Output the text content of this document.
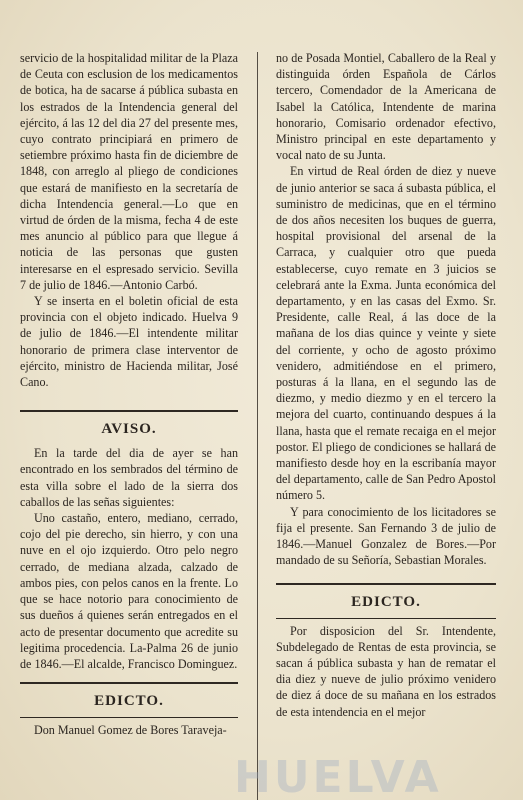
servicio de la hospitalidad militar de la Plaza de Ceuta con esclusion de los medicamentos de botica, ha de sacarse á pública subasta en los estrados de la Intendencia general del ejército, á las 12 del dia 27 del presente mes, cuyo contrato principiará en primero de setiembre próximo hasta fin de diciembre de 1848, con arreglo al pliego de condiciones que estará de manifiesto en la secretaría de dicha Intendencia general.—Lo que en virtud de órden de la misma, fecha 4 de este mes anuncio al público para que llegue á noticia de las personas que gusten interesarse en el espresado servicio. Sevilla 7 de julio de 1846.—Antonio Carbó.

Y se inserta en el boletin oficial de esta provincia con el objeto indicado. Huelva 9 de julio de 1846.—El intendente militar honorario de primera clase interventor de ejército, ministro de Hacienda militar, José Cano.

AVISO.

En la tarde del dia de ayer se han encontrado en los sembrados del término de esta villa sobre el lado de la sierra dos caballos de las señas siguientes:

Uno castaño, entero, mediano, cerrado, cojo del pie derecho, sin hierro, y con una nuve en el ojo izquierdo. Otro pelo negro cerrado, de mediana alzada, calzado de ambos pies, con pelos canos en la frente. Lo que se hace notorio para conocimiento de sus dueños á quienes serán entregados en el acto de presentar documento que acredite su legitima procedencia. La-Palma 26 de junio de 1846.—El alcalde, Francisco Dominguez.

EDICTO.

Don Manuel Gomez de Bores Taraveja-

no de Posada Montiel, Caballero de la Real y distinguida órden Española de Cárlos tercero, Comendador de la Americana de Isabel la Católica, Intendente de marina honorario, Comisario ordenador efectivo, Ministro principal en este departamento y vocal nato de su Junta.

En virtud de Real órden de diez y nueve de junio anterior se saca á subasta pública, el suministro de medicinas, que en el término de dos años necesiten los buques de guerra, hospital provisional del arsenal de la Carraca, y cualquier otro que pueda establecerse, cuyo remate en 3 juicios se celebrará ante la Exma. Junta económica del departamento, y en las casas del Exmo. Sr. Presidente, calle Real, á las doce de la mañana de los dias quince y veinte y siete del corriente, y ocho de agosto próximo venidero, admitiéndose en el primero, posturas á la llana, en el segundo las de diezmo, y medio diezmo y en el tercero la mejora del cuarto, continuando despues á la llana, hasta que el remate recaiga en el mejor postor. El pliego de condiciones se hallará de manifiesto desde hoy en la escribanía mayor del departamento, calle de San Pedro Apostol número 5.

Y para conocimiento de los licitadores se fija el presente. San Fernando 3 de julio de 1846.—Manuel Gonzalez de Bores.—Por mandado de su Señoría, Sebastian Morales.

EDICTO.

Por disposicion del Sr. Intendente, Subdelegado de Rentas de esta provincia, se sacan á pública subasta y han de rematar el dia diez y nueve de julio próximo venidero de diez á doce de su mañana en los estrados de esta intendencia en el mejor

HUELVA
